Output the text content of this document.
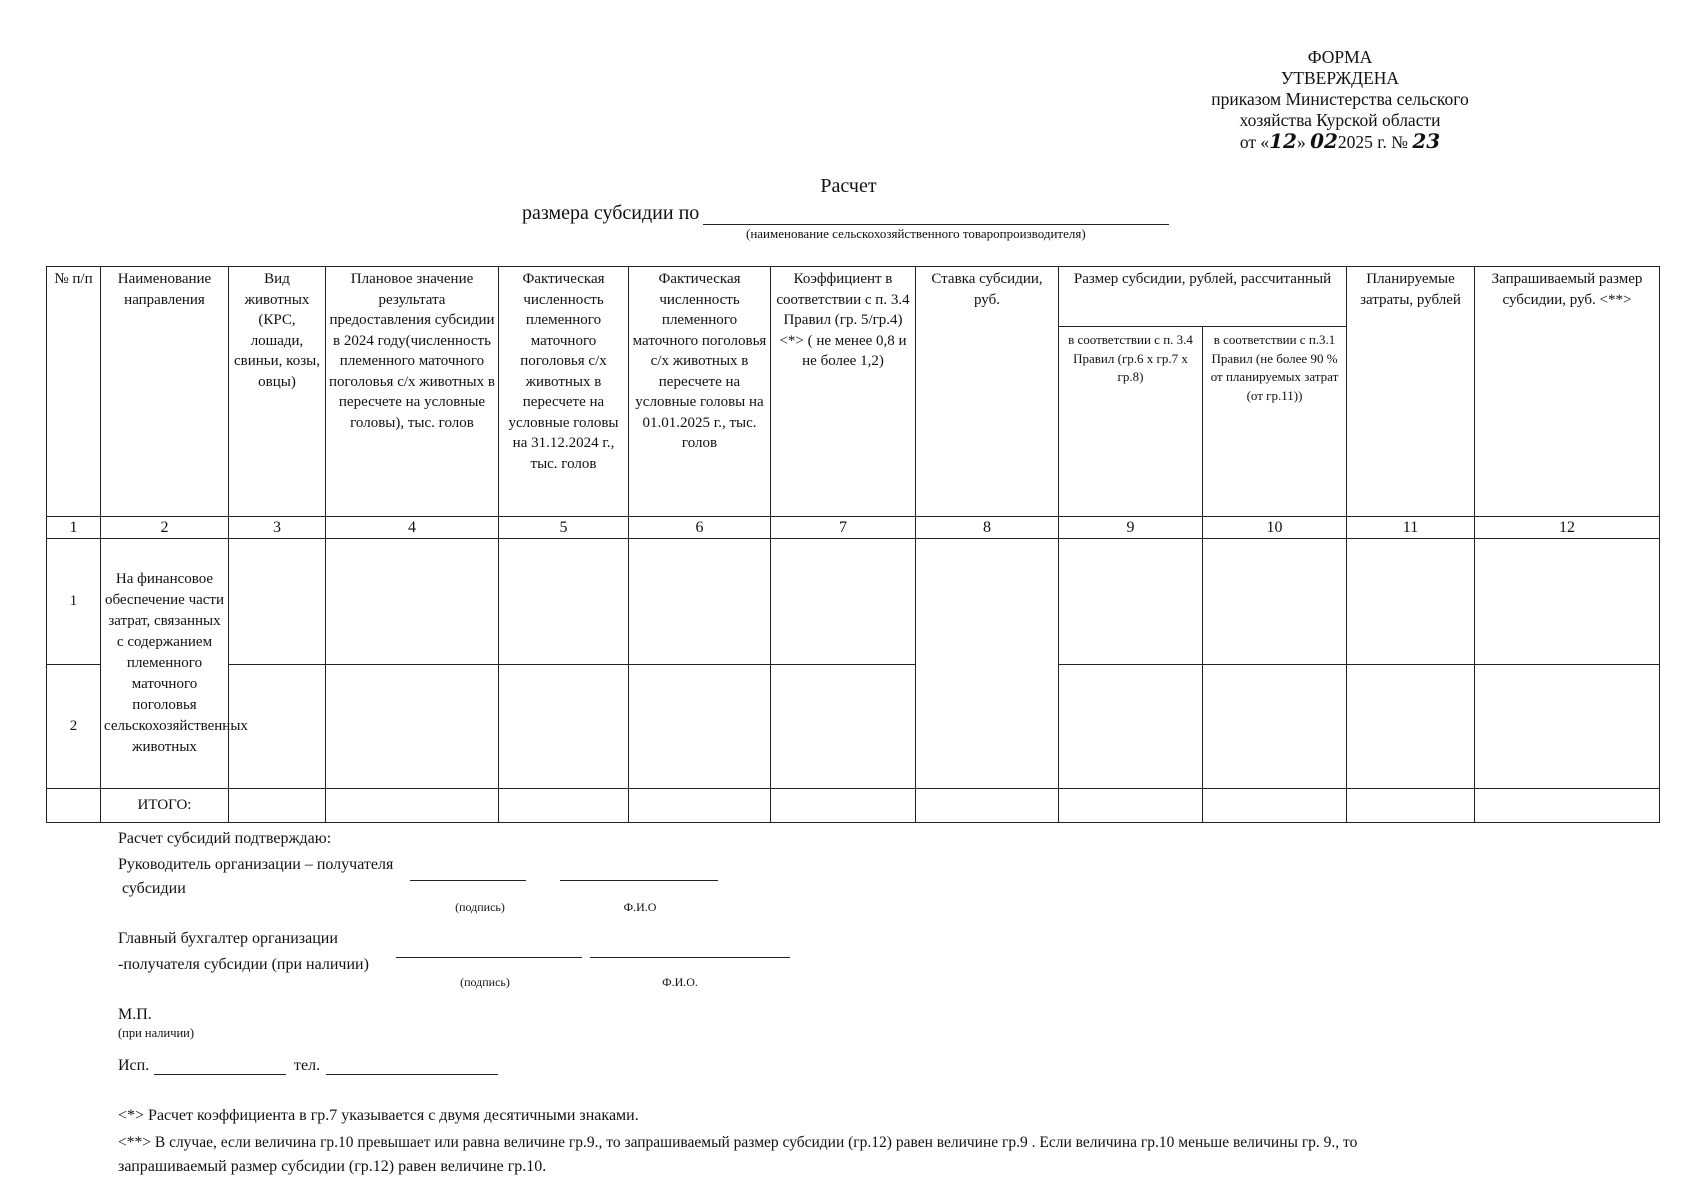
ФОРМА
УТВЕРЖДЕНА
приказом Министерства сельского
хозяйства Курской области
от «12» 022025 г. № 23
Расчет
размера субсидии по
(наименование сельскохозяйственного товаропроизводителя)
№ п/п	Наименование направления	Вид животных (КРС, лошади, свиньи, козы, овцы)	Плановое значение результата предоставления субсидии в 2024 году(численность племенного маточного поголовья с/х животных в пересчете на условные головы), тыс. голов	Фактическая численность племенного маточного поголовья с/х животных в пересчете на условные головы на 31.12.2024 г., тыс. голов	Фактическая численность племенного маточного поголовья с/х животных в пересчете на условные головы на 01.01.2025 г., тыс. голов	Коэффициент в соответствии с п. 3.4 Правил (гр. 5/гр.4) <*> ( не менее 0,8 и не более 1,2)	Ставка субсидии, руб.	Размер субсидии, рублей, рассчитанный		Планируемые затраты, рублей	Запрашиваемый размер субсидии, руб. <**>
								в соответствии с п. 3.4 Правил (гр.6 х гр.7 х гр.8)	в соответствии с п.3.1 Правил (не более 90 % от планируемых затрат (от гр.11))		
1	2	3	4	5	6	7	8	9	10	11	12
1	На финансовое обеспечение части затрат, связанных с содержанием племенного маточного поголовья сельскохозяйственных животных										
2											
	ИТОГО:										
Расчет субсидий подтверждаю:
Руководитель организации – получателя
субсидии
(подпись)	Ф.И.О
Главный бухгалтер организации
-получателя субсидии (при наличии)
(подпись)	Ф.И.О.
М.П.
(при наличии)
Исп.	тел.
<*> Расчет коэффициента в гр.7 указывается с двумя десятичными знаками.
<**> В случае, если величина гр.10 превышает или равна величине гр.9., то запрашиваемый размер субсидии (гр.12) равен величине гр.9 . Если величина гр.10 меньше величины гр. 9., то
запрашиваемый размер субсидии (гр.12) равен величине гр.10.
